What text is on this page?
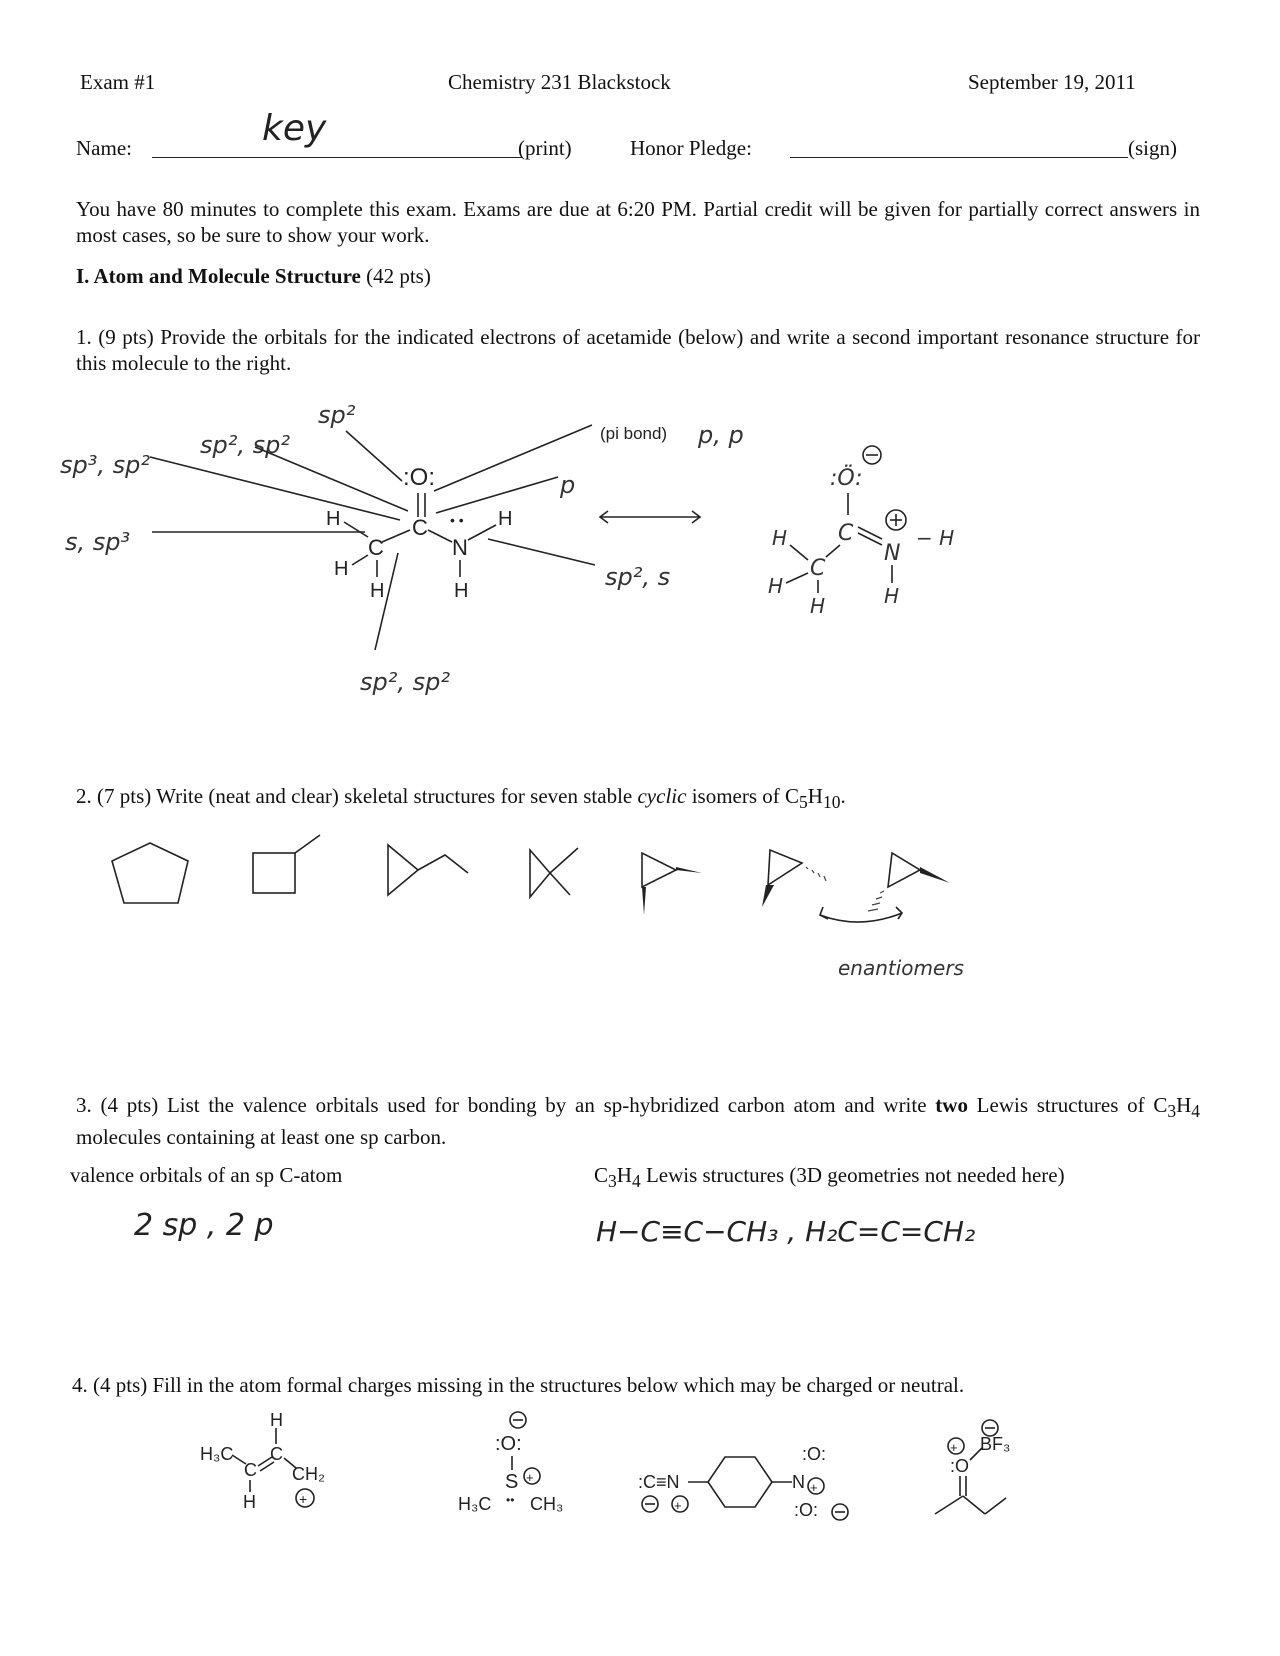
Exam #1	Chemistry 231 Blackstock	September 19, 2011
Name:	key	(print)	Honor Pledge:	(sign)
You have 80 minutes to complete this exam. Exams are due at 6:20 PM. Partial credit will be given for partially correct answers in most cases, so be sure to show your work.
I. Atom and Molecule Structure (42 pts)
1. (9 pts) Provide the orbitals for the indicated electrons of acetamide (below) and write a second important resonance structure for this molecule to the right.
sp³, sp²
sp², sp²
sp²
s, sp³
(pi bond) p, p
p
sp², s
sp², sp²
:O:
C
C	N
• •
H
H
H
H
H
:Ö:
C
N
− H
H
H
C
H
H
2. (7 pts) Write (neat and clear) skeletal structures for seven stable cyclic isomers of $C_5H_{10}$.
enantiomers
3. (4 pts) List the valence orbitals used for bonding by an sp-hybridized carbon atom and write two Lewis structures of $C_3H_4$ molecules containing at least one sp carbon.
valence orbitals of an sp C-atom	$C_3H_4$ Lewis structures (3D geometries not needed here)
2 sp , 2 p	H−C≡C−CH₃ , H₂C=C=CH₂
4. (4 pts) Fill in the atom formal charges missing in the structures below which may be charged or neutral.
H₃C
C
C
H
CH₂
H	+
:O:
S +
H₃C CH₃
••
:C≡N
+
N +
:O:
:O:
:O
+ BF₃
